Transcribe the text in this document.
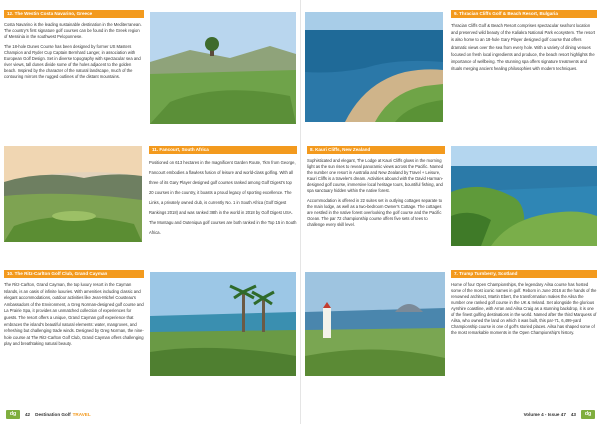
12. The Westin Costa Navarino, Greece

Costa Navarino is the leading sustainable destination in the Mediterranean. The country's first signature golf courses can be found in the Greek region of Messinia in the southwest Peloponnese.

The 18-hole Dunes Course has been designed by former US Masters Champion and Ryder Cup Captain Bernhard Langer, in association with European Golf Design. Set in diverse topography with spectacular sea and river views, tall dunes divide some of the holes adjacent to the golden beach. Inspired by the character of the natural landscape, much of the contouring mirrors the rugged outlines of the distant mountains.

11. Fancourt, South Africa

Positioned on 613 hectares in the magnificent Garden Route, 7km from George, Fancourt embodies a flawless fusion of leisure and world-class golfing. With all three of its Gary Player designed golf courses ranked among Golf Digest's top 20 courses in the country, it boasts a proud legacy of sporting excellence. The Links, a privately owned club, is currently No. 1 in South Africa (Golf Digest Rankings 2018) and was ranked 38th in the world in 2018 by Golf Digest USA. The Montagu and Outeniqua golf courses are both ranked in the Top 15 in South Africa.

10. The Ritz-Carlton Golf Club, Grand Cayman

The Ritz-Carlton, Grand Cayman, the top luxury resort in the Cayman Islands, is an oasis of infinite luxuries. With amenities including classic and elegant accommodations, outdoor activities like Jean-Michel Cousteau's Ambassadors of the Environment, a Greg Norman-designed golf course and La Prairie Spa, it provides an unmatched collection of experiences for guests. The resort offers a unique, Grand Cayman golf experience that embraces the island's beautiful natural elements: water, mangroves, and refreshing but challenging trade winds. Designed by Greg Norman, the nine-hole course at The Ritz-Carlton Golf Club, Grand Cayman offers challenging play and breathtaking natural beauty.

dg	42 Destination Golf TRAVEL
9. Thracian Cliffs Golf & Beach Resort, Bulgaria

Thracian Cliffs Golf & Beach Resort comprises spectacular seafront location and preserved wild beauty of the Kaliakra National Park ecosystem. The resort is also home to an 18-hole Gary Player designed golf course that offers dramatic views over the sea from every hole. With a variety of dining venues focused on fresh local ingredients and produce, the beach resort highlights the importance of wellbeing. The stunning spa offers signature treatments and rituals merging ancient healing philosophies with modern techniques.

8. Kauri Cliffs, New Zealand

Sophisticated and elegant, The Lodge at Kauri Cliffs glows in the morning light as the sun rises to reveal panoramic views across the Pacific. Named the number one resort in Australia and New Zealand by Travel + Leisure, Kauri Cliffs is a traveler's dream. Activities abound with the David Harman-designed golf course, immersive local heritage tours, bountiful fishing, and spa sanctuary hidden within the native forest.

Accommodation is offered in 22 suites set in outlying cottages separate to the main lodge, as well as a two-bedroom Owner's Cottage. The cottages are nestled in the native forest overlooking the golf course and the Pacific Ocean. The par 72 championship course offers five sets of tees to challenge every skill level.

7. Trump Turnberry, Scotland

Home of four Open Championships, the legendary Ailsa course has hosted some of the most iconic names in golf. Reborn in June 2016 at the hands of the renowned architect, Martin Ebert, the transformation makes the Ailsa the number one ranked golf course in the UK & Ireland. Set alongside the glorious Ayrshire coastline, with Arran and Ailsa Craig as a stunning backdrop, it is one of the finest golfing destinations in the world. Named after the third Marquess of Ailsa, who owned the land on which it was built, this par-71, 6,499-yard Championship course is one of golf's storied places. Ailsa has shaped some of the most remarkable moments in the Open Championship's history.

Volume 4 - Issue 47 43	dg
